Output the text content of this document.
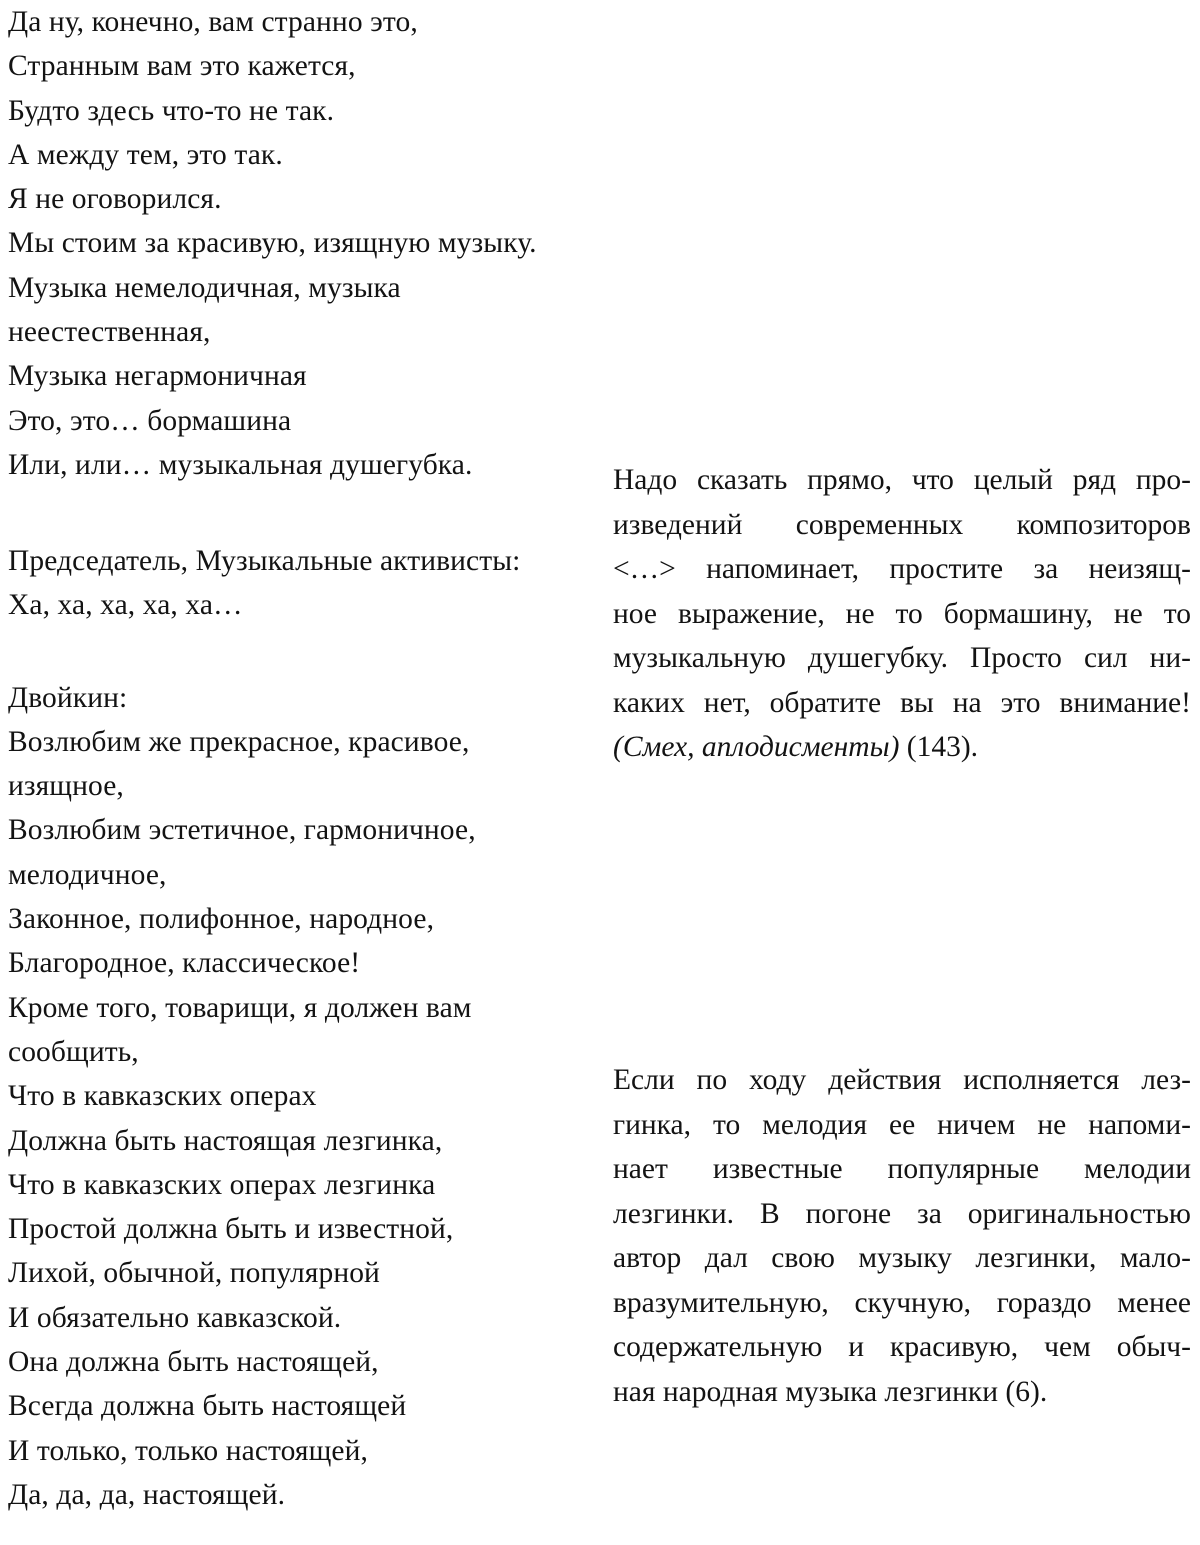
Да ну, конечно, вам странно это,
Странным вам это кажется,
Будто здесь что-то не так.
А между тем, это так.
Я не оговорился.
Мы стоим за красивую, изящную музыку.
Музыка немелодичная, музыка
неестественная,
Музыка негармоничная
Это, это… бормашина
Или, или… музыкальная душегубка.
Председатель, Музыкальные активисты:
Ха, ха, ха, ха, ха…
Двойкин:
Возлюбим же прекрасное, красивое,
изящное,
Возлюбим эстетичное, гармоничное,
мелодичное,
Законное, полифонное, народное,
Благородное, классическое!
Кроме того, товарищи, я должен вам
сообщить,
Что в кавказских операх
Должна быть настоящая лезгинка,
Что в кавказских операх лезгинка
Простой должна быть и известной,
Лихой, обычной, популярной
И обязательно кавказской.
Она должна быть настоящей,
Всегда должна быть настоящей
И только, только настоящей,
Да, да, да, настоящей.
Надо сказать прямо, что целый ряд про-
изведений современных композиторов
<…> напоминает, простите за неизящ-
ное выражение, не то бормашину, не то
музыкальную душегубку. Просто сил ни-
каких нет, обратите вы на это внимание!
(Смех, аплодисменты) (143).
Если по ходу действия исполняется лез-
гинка, то мелодия ее ничем не напоми-
нает известные популярные мелодии
лезгинки. В погоне за оригинальностью
автор дал свою музыку лезгинки, мало-
вразумительную, скучную, гораздо менее
содержательную и красивую, чем обыч-
ная народная музыка лезгинки (6).
